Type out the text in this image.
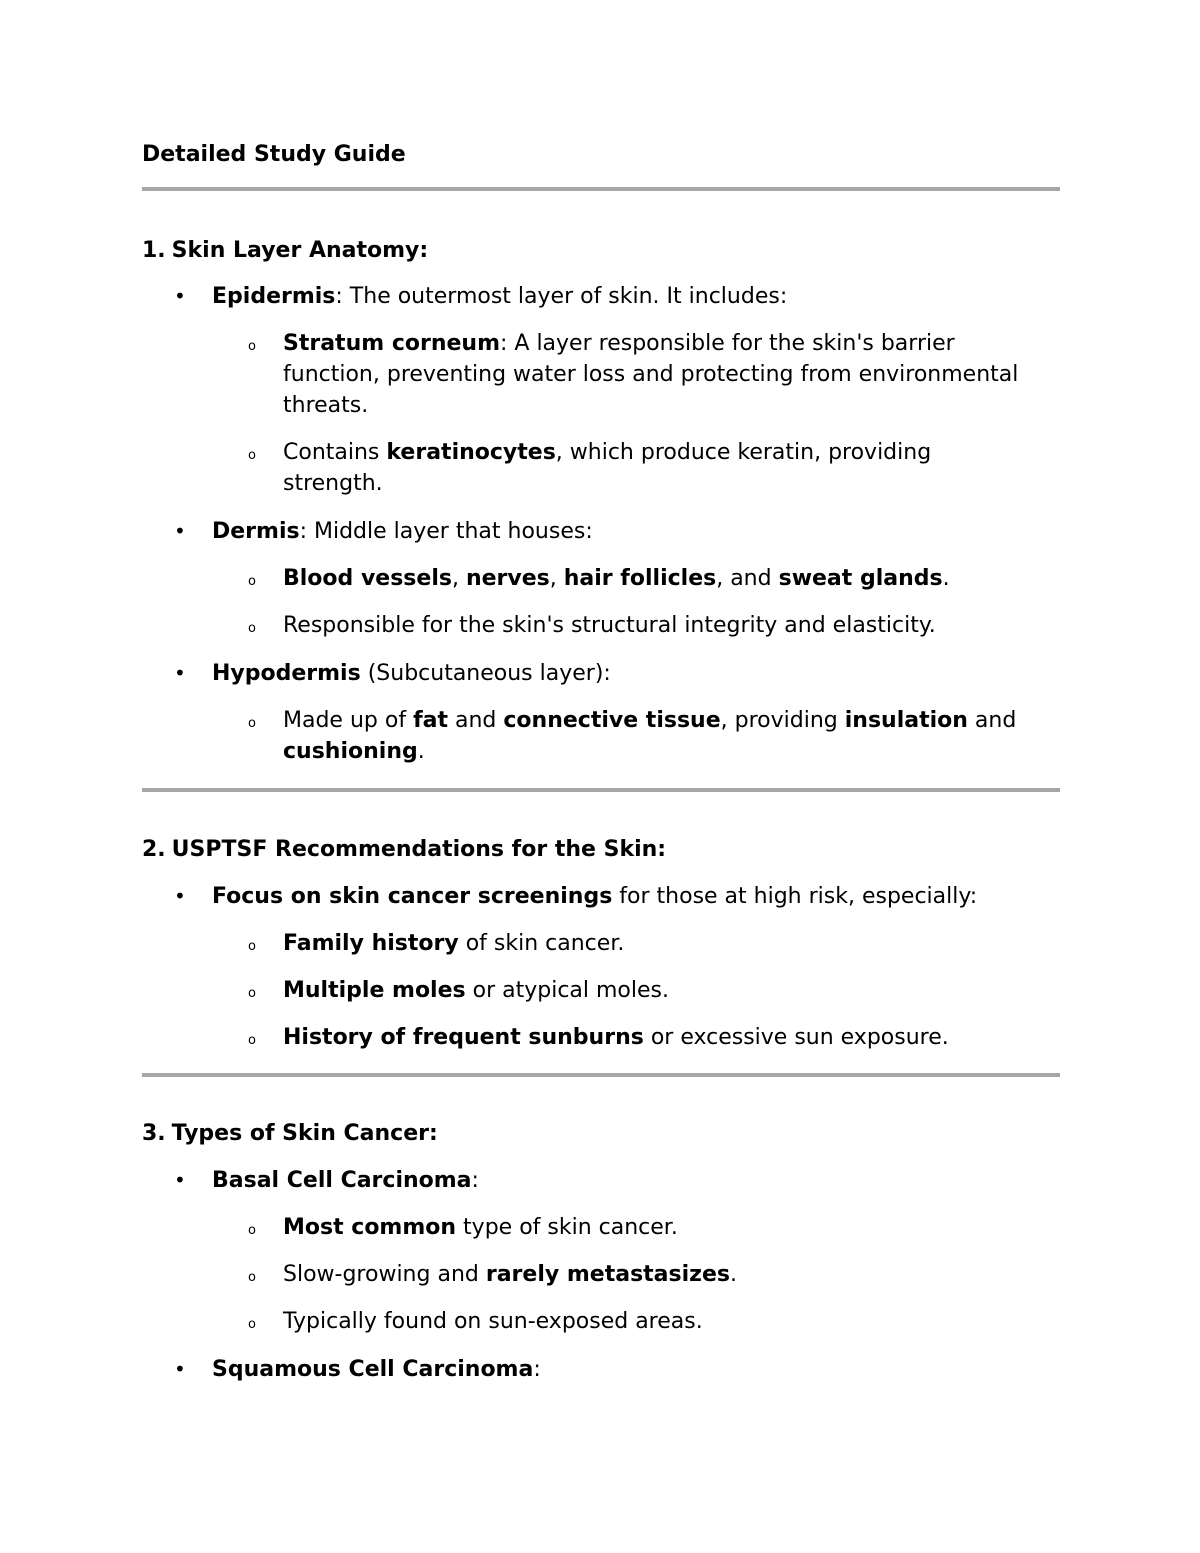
Detailed Study Guide
1. Skin Layer Anatomy:
• Epidermis: The outermost layer of skin. It includes:
o Stratum corneum: A layer responsible for the skin's barrier function, preventing water loss and protecting from environmental threats.
o Contains keratinocytes, which produce keratin, providing strength.
• Dermis: Middle layer that houses:
o Blood vessels, nerves, hair follicles, and sweat glands.
o Responsible for the skin's structural integrity and elasticity.
• Hypodermis (Subcutaneous layer):
o Made up of fat and connective tissue, providing insulation and cushioning.
2. USPTSF Recommendations for the Skin:
• Focus on skin cancer screenings for those at high risk, especially:
o Family history of skin cancer.
o Multiple moles or atypical moles.
o History of frequent sunburns or excessive sun exposure.
3. Types of Skin Cancer:
• Basal Cell Carcinoma:
o Most common type of skin cancer.
o Slow-growing and rarely metastasizes.
o Typically found on sun-exposed areas.
• Squamous Cell Carcinoma:
